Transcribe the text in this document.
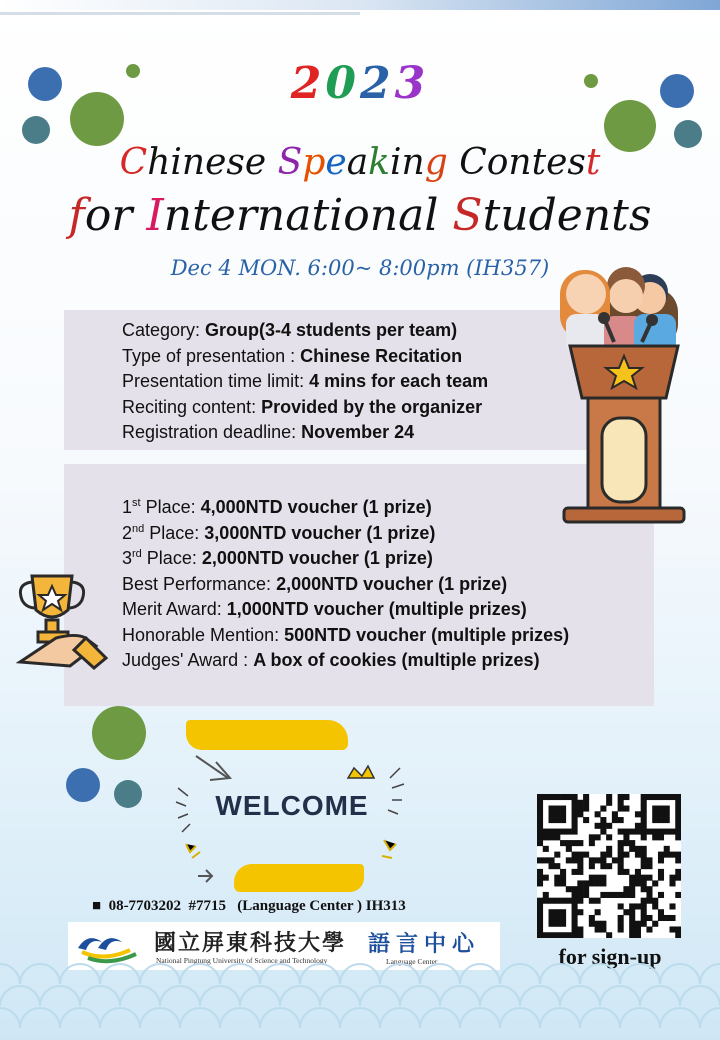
2023
Chinese Speaking Contest
for International Students
Dec 4 MON. 6:00~ 8:00pm (IH357)
Category: Group(3-4 students per team)
Type of presentation : Chinese Recitation
Presentation time limit: 4 mins for each team
Reciting content: Provided by the organizer
Registration deadline: November 24
1st Place: 4,000NTD voucher (1 prize)
2nd Place: 3,000NTD voucher (1 prize)
3rd Place: 2,000NTD voucher (1 prize)
Best Performance: 2,000NTD voucher (1 prize)
Merit Award: 1,000NTD voucher (multiple prizes)
Honorable Mention: 500NTD voucher (multiple prizes)
Judges' Award : A box of cookies (multiple prizes)
WELCOME
■  08-7703202  #7715   (Language Center ) IH313
國立屏東科技大學
National Pingtung University of Science and Technology
語言中心
Language Center	for sign-up
